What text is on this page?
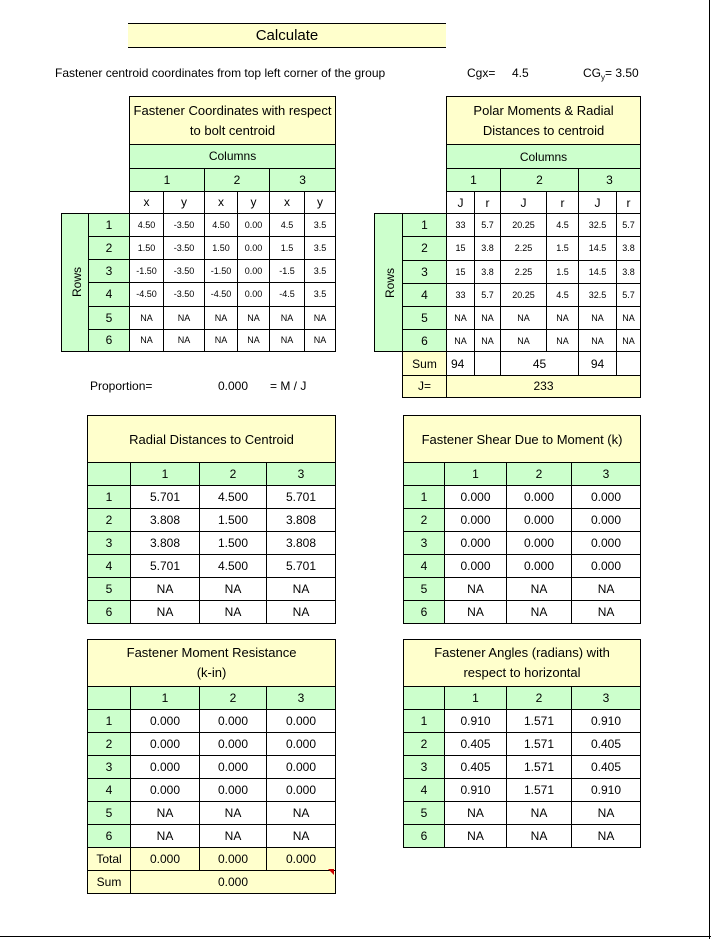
Calculate
Fastener centroid coordinates from top left corner of the group	Cgx= 4.5	$CG_y= 3.50$
		Fastener Coordinates with respect to bolt centroid					
		Columns					
		1		2		3	
		x	y	x	y	x	y
Rows	1	4.50	-3.50	4.50	0.00	4.5	3.5
	2	1.50	-3.50	1.50	0.00	1.5	3.5
	3	-1.50	-3.50	-1.50	0.00	-1.5	3.5
	4	-4.50	-3.50	-4.50	0.00	-4.5	3.5
	5	NA	NA	NA	NA	NA	NA
	6	NA	NA	NA	NA	NA	NA
		Polar Moments & Radial Distances to centroid					
		Columns					
		1		2		3	
		J	r	J	r	J	r
Rows	1	33	5.7	20.25	4.5	32.5	5.7
	2	15	3.8	2.25	1.5	14.5	3.8
	3	15	3.8	2.25	1.5	14.5	3.8
	4	33	5.7	20.25	4.5	32.5	5.7
	5	NA	NA	NA	NA	NA	NA
	6	NA	NA	NA	NA	NA	NA
	Sum	94		45		94	
	J=	233					
Proportion=	0.000 = M / J
Radial Distances to Centroid			
	1	2	3
1	5.701	4.500	5.701
2	3.808	1.500	3.808
3	3.808	1.500	3.808
4	5.701	4.500	5.701
5	NA	NA	NA
6	NA	NA	NA
Fastener Shear Due to Moment (k)			
	1	2	3
1	0.000	0.000	0.000
2	0.000	0.000	0.000
3	0.000	0.000	0.000
4	0.000	0.000	0.000
5	NA	NA	NA
6	NA	NA	NA
Fastener Moment Resistance
(k-in)			
	1	2	3
1	0.000	0.000	0.000
2	0.000	0.000	0.000
3	0.000	0.000	0.000
4	0.000	0.000	0.000
5	NA	NA	NA
6	NA	NA	NA
Total	0.000	0.000	0.000
Sum	0.000		
Fastener Angles (radians) with
respect to horizontal			
	1	2	3
1	0.910	1.571	0.910
2	0.405	1.571	0.405
3	0.405	1.571	0.405
4	0.910	1.571	0.910
5	NA	NA	NA
6	NA	NA	NA
